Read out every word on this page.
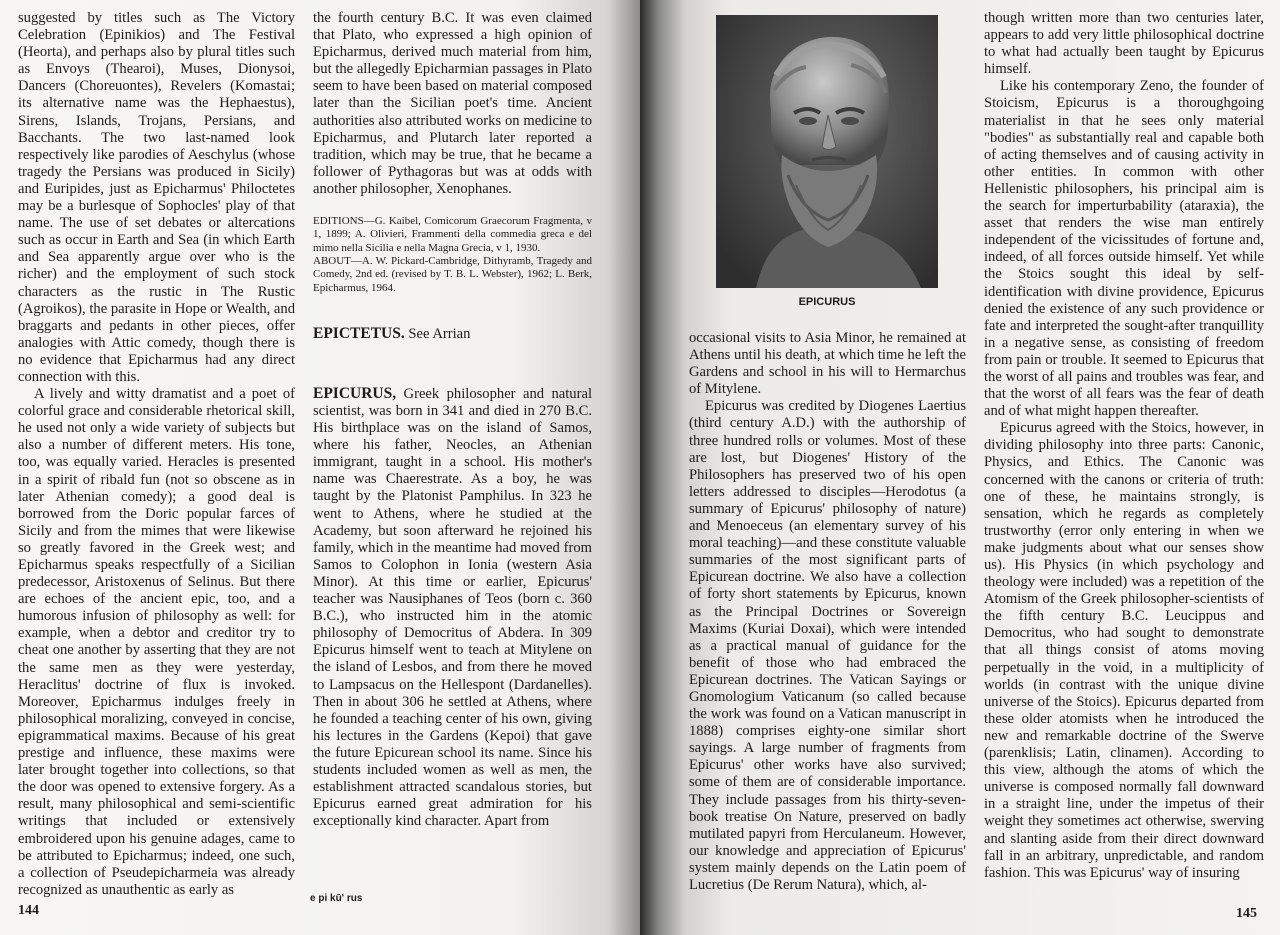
suggested by titles such as The Victory Celebration (Epinikios) and The Festival (Heorta), and perhaps also by plural titles such as Envoys (Thearoi), Muses, Dionysoi, Dancers (Choreuontes), Revelers (Komastai; its alternative name was the Hephaestus), Sirens, Islands, Trojans, Persians, and Bacchants. The two last-named look respectively like parodies of Aeschylus (whose tragedy the Persians was produced in Sicily) and Euripides, just as Epicharmus' Philoctetes may be a burlesque of Sophocles' play of that name. The use of set debates or altercations such as occur in Earth and Sea (in which Earth and Sea apparently argue over who is the richer) and the employment of such stock characters as the rustic in The Rustic (Agroikos), the parasite in Hope or Wealth, and braggarts and pedants in other pieces, offer analogies with Attic comedy, though there is no evidence that Epicharmus had any direct connection with this.

A lively and witty dramatist and a poet of colorful grace and considerable rhetorical skill, he used not only a wide variety of subjects but also a number of different meters. His tone, too, was equally varied. Heracles is presented in a spirit of ribald fun (not so obscene as in later Athenian comedy); a good deal is borrowed from the Doric popular farces of Sicily and from the mimes that were likewise so greatly favored in the Greek west; and Epicharmus speaks respectfully of a Sicilian predecessor, Aristoxenus of Selinus. But there are echoes of the ancient epic, too, and a humorous infusion of philosophy as well: for example, when a debtor and creditor try to cheat one another by asserting that they are not the same men as they were yesterday, Heraclitus' doctrine of flux is invoked. Moreover, Epicharmus indulges freely in philosophical moralizing, conveyed in concise, epigrammatical maxims. Because of his great prestige and influence, these maxims were later brought together into collections, so that the door was opened to extensive forgery. As a result, many philosophical and semi-scientific writings that included or extensively embroidered upon his genuine adages, came to be attributed to Epicharmus; indeed, one such, a collection of Pseudepicharmeia was already recognized as unauthentic as early as

the fourth century B.C. It was even claimed that Plato, who expressed a high opinion of Epicharmus, derived much material from him, but the allegedly Epicharmian passages in Plato seem to have been based on material composed later than the Sicilian poet's time. Ancient authorities also attributed works on medicine to Epicharmus, and Plutarch later reported a tradition, which may be true, that he became a follower of Pythagoras but was at odds with another philosopher, Xenophanes.

EDITIONS—G. Kaibel, Comicorum Graecorum Fragmenta, v 1, 1899; A. Olivieri, Frammenti della commedia greca e del mimo nella Sicilia e nella Magna Grecia, v 1, 1930.

ABOUT—A. W. Pickard-Cambridge, Dithyramb, Tragedy and Comedy, 2nd ed. (revised by T. B. L. Webster), 1962; L. Berk, Epicharmus, 1964.

EPICTETUS. See Arrian

EPICURUS, Greek philosopher and natural scientist, was born in 341 and died in 270 B.C. His birthplace was on the island of Samos, where his father, Neocles, an Athenian immigrant, taught in a school. His mother's name was Chaerestrate. As a boy, he was taught by the Platonist Pamphilus. In 323 he went to Athens, where he studied at the Academy, but soon afterward he rejoined his family, which in the meantime had moved from Samos to Colophon in Ionia (western Asia Minor). At this time or earlier, Epicurus' teacher was Nausiphanes of Teos (born c. 360 B.C.), who instructed him in the atomic philosophy of Democritus of Abdera. In 309 Epicurus himself went to teach at Mitylene on the island of Lesbos, and from there he moved to Lampsacus on the Hellespont (Dardanelles). Then in about 306 he settled at Athens, where he founded a teaching center of his own, giving his lectures in the Gardens (Kepoi) that gave the future Epicurean school its name. Since his students included women as well as men, the establishment attracted scandalous stories, but Epicurus earned great admiration for his exceptionally kind character. Apart from

144
e pi kū' rus
EPICURUS

occasional visits to Asia Minor, he remained at Athens until his death, at which time he left the Gardens and school in his will to Hermarchus of Mitylene.

Epicurus was credited by Diogenes Laertius (third century A.D.) with the authorship of three hundred rolls or volumes. Most of these are lost, but Diogenes' History of the Philosophers has preserved two of his open letters addressed to disciples—Herodotus (a summary of Epicurus' philosophy of nature) and Menoeceus (an elementary survey of his moral teaching)—and these constitute valuable summaries of the most significant parts of Epicurean doctrine. We also have a collection of forty short statements by Epicurus, known as the Principal Doctrines or Sovereign Maxims (Kuriai Doxai), which were intended as a practical manual of guidance for the benefit of those who had embraced the Epicurean doctrines. The Vatican Sayings or Gnomologium Vaticanum (so called because the work was found on a Vatican manuscript in 1888) comprises eighty-one similar short sayings. A large number of fragments from Epicurus' other works have also survived; some of them are of considerable importance. They include passages from his thirty-seven-book treatise On Nature, preserved on badly mutilated papyri from Herculaneum. However, our knowledge and appreciation of Epicurus' system mainly depends on the Latin poem of Lucretius (De Rerum Natura), which, al-

though written more than two centuries later, appears to add very little philosophical doctrine to what had actually been taught by Epicurus himself.

Like his contemporary Zeno, the founder of Stoicism, Epicurus is a thoroughgoing materialist in that he sees only material "bodies" as substantially real and capable both of acting themselves and of causing activity in other entities. In common with other Hellenistic philosophers, his principal aim is the search for imperturbability (ataraxia), the asset that renders the wise man entirely independent of the vicissitudes of fortune and, indeed, of all forces outside himself. Yet while the Stoics sought this ideal by self-identification with divine providence, Epicurus denied the existence of any such providence or fate and interpreted the sought-after tranquillity in a negative sense, as consisting of freedom from pain or trouble. It seemed to Epicurus that the worst of all pains and troubles was fear, and that the worst of all fears was the fear of death and of what might happen thereafter.

Epicurus agreed with the Stoics, however, in dividing philosophy into three parts: Canonic, Physics, and Ethics. The Canonic was concerned with the canons or criteria of truth: one of these, he maintains strongly, is sensation, which he regards as completely trustworthy (error only entering in when we make judgments about what our senses show us). His Physics (in which psychology and theology were included) was a repetition of the Atomism of the Greek philosopher-scientists of the fifth century B.C. Leucippus and Democritus, who had sought to demonstrate that all things consist of atoms moving perpetually in the void, in a multiplicity of worlds (in contrast with the unique divine universe of the Stoics). Epicurus departed from these older atomists when he introduced the new and remarkable doctrine of the Swerve (parenklisis; Latin, clinamen). According to this view, although the atoms of which the universe is composed normally fall downward in a straight line, under the impetus of their weight they sometimes act otherwise, swerving and slanting aside from their direct downward fall in an arbitrary, unpredictable, and random fashion. This was Epicurus' way of insuring

145
